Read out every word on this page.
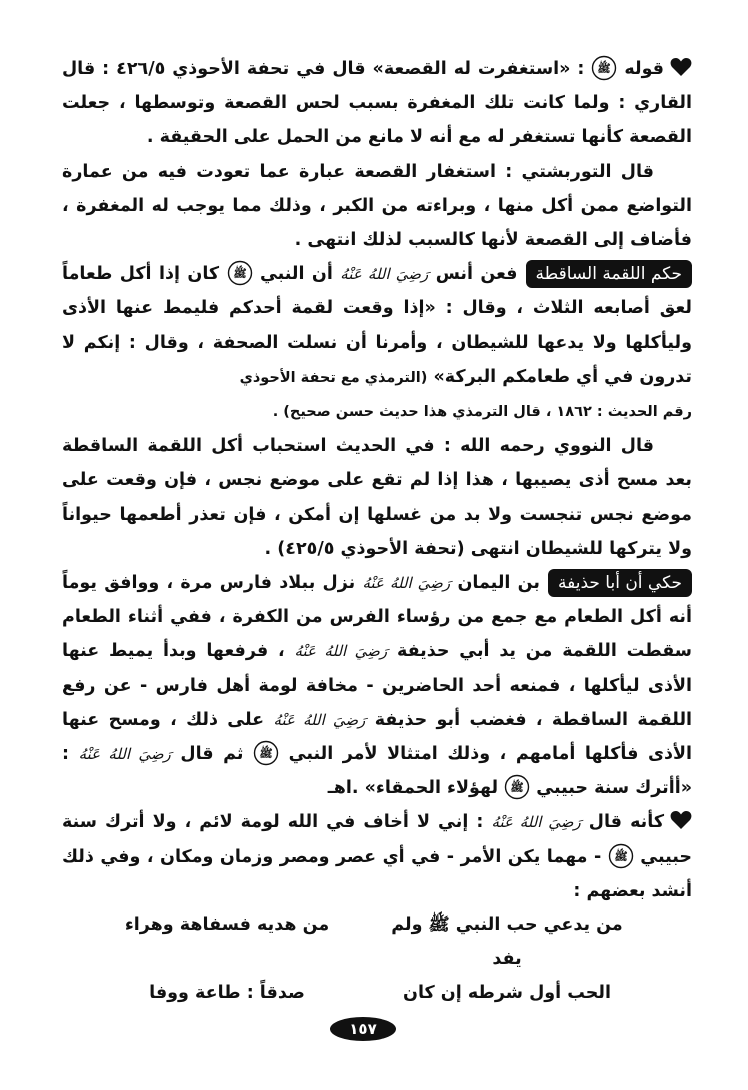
قوله
ﷺ
: «استغفرت له القصعة» قال في تحفة الأحوذي ٤٢٦/٥ : قال القاري : ولما كانت تلك المغفرة بسبب لحس القصعة وتوسطها ، جعلت القصعة كأنها تستغفر له مع أنه لا مانع من الحمل على الحقيقة .

قال التوربشتي : استغفار القصعة عبارة عما تعودت فيه من عمارة التواضع ممن أكل منها ، وبراءته من الكبر ، وذلك مما يوجب له المغفرة ، فأضاف إلى القصعة لأنها كالسبب لذلك انتهى .

حكم اللقمة الساقطةفعن أنس رَضِيَ اللهُ عَنْهُ أن النبي
ﷺ
كان إذا أكل طعاماً لعق أصابعه الثلاث ، وقال : «إذا وقعت لقمة أحدكم فليمط عنها الأذى وليأكلها ولا يدعها للشيطان ، وأمرنا أن نسلت الصحفة ، وقال : إنكم لا تدرون في أي طعامكم البركة» (الترمذي مع تحفة الأحوذي

رقم الحديث : ١٨٦٢ ، قال الترمذي هذا حديث حسن صحيح) .

قال النووي رحمه الله : في الحديث استحباب أكل اللقمة الساقطة بعد مسح أذى يصيبها ، هذا إذا لم تقع على موضع نجس ، فإن وقعت على موضع نجس تنجست ولا بد من غسلها إن أمكن ، فإن تعذر أطعمها حيواناً ولا يتركها للشيطان انتهى (تحفة الأحوذي ٤٢٥/٥) .

حكي أن أبا حذيفةبن اليمان رَضِيَ اللهُ عَنْهُ نزل ببلاد فارس مرة ، ووافق يوماً أنه أكل الطعام مع جمع من رؤساء الفرس من الكفرة ، ففي أثناء الطعام سقطت اللقمة من يد أبي حذيفة رَضِيَ اللهُ عَنْهُ ، فرفعها وبدأ يميط عنها الأذى ليأكلها ، فمنعه أحد الحاضرين - مخافة لومة أهل فارس - عن رفع اللقمة الساقطة ، فغضب أبو حذيفة رَضِيَ اللهُ عَنْهُ على ذلك ، ومسح عنها الأذى فأكلها أمامهم ، وذلك امتثالا لأمر النبي
ﷺ
ثم قال رَضِيَ اللهُ عَنْهُ : «أأترك سنة حبيبي
ﷺ
لهؤلاء الحمقاء» .اهـ

كأنه قال رَضِيَ اللهُ عَنْهُ : إني لا أخاف في الله لومة لائم ، ولا أترك سنة حبيبي
ﷺ
- مهما يكن الأمر - في أي عصر ومصر وزمان ومكان ، وفي ذلك أنشد بعضهم :

من يدعي حب النبي ﷺ ولم يفد
من هديه فسفاهة وهراء
الحب أول شرطه إن كان
صدقاً : طاعة ووفا
١٥٧
